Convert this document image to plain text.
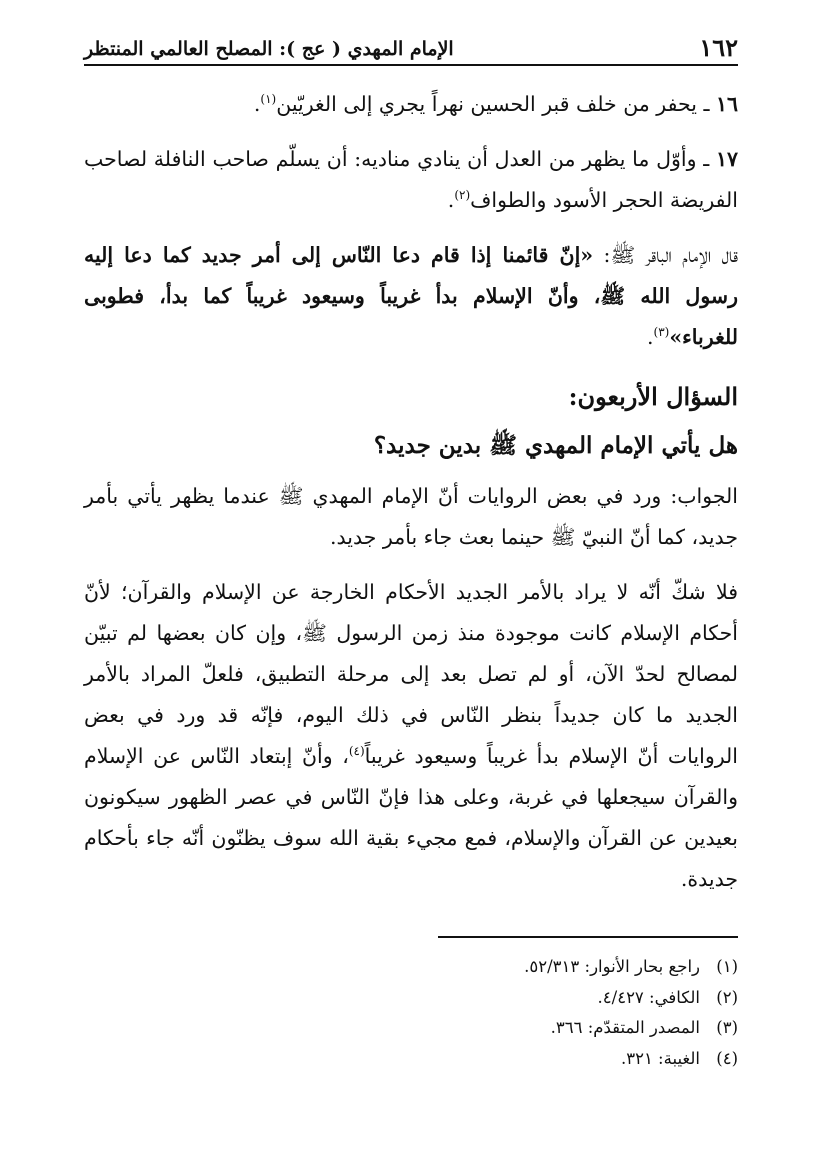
١٦٢
الإمام المهدي ( عج ): المصلح العالمي المنتظر

١٦ ـ يحفر من خلف قبر الحسين نهراً يجري إلى الغريّين$^{(١)}$.

١٧ ـ وأوّل ما يظهر من العدل أن ينادي مناديه: أن يسلّم صاحب النافلة لصاحب الفريضة الحجر الأسود والطواف$^{(٢)}$.

قال الإمام الباقر ﷺ: «إنّ قائمنا إذا قام دعا النّاس إلى أمر جديد كما دعا إليه رسول الله ﷺ، وأنّ الإسلام بدأ غريباً وسيعود غريباً كما بدأ، فطوبى للغرباء»$^{(٣)}$.

السؤال الأربعون:
هل يأتي الإمام المهدي ﷺ بدين جديد؟

الجواب: ورد في بعض الروايات أنّ الإمام المهدي ﷺ عندما يظهر يأتي بأمر جديد، كما أنّ النبيّ ﷺ حينما بعث جاء بأمر جديد.

فلا شكّ أنّه لا يراد بالأمر الجديد الأحكام الخارجة عن الإسلام والقرآن؛ لأنّ أحكام الإسلام كانت موجودة منذ زمن الرسول ﷺ، وإن كان بعضها لم تبيّن لمصالح لحدّ الآن، أو لم تصل بعد إلى مرحلة التطبيق، فلعلّ المراد بالأمر الجديد ما كان جديداً بنظر النّاس في ذلك اليوم، فإنّه قد ورد في بعض الروايات أنّ الإسلام بدأ غريباً وسيعود غريباً$^{(٤)}$، وأنّ إبتعاد النّاس عن الإسلام والقرآن سيجعلها في غربة، وعلى هذا فإنّ النّاس في عصر الظهور سيكونون بعيدين عن القرآن والإسلام، فمع مجيء بقية الله سوف يظنّون أنّه جاء بأحكام جديدة.

(١)راجع بحار الأنوار: ٥٢/٣١٣.
(٢)الكافي: ٤/٤٢٧.
(٣)المصدر المتقدّم: ٣٦٦.
(٤)الغيبة: ٣٢١.
